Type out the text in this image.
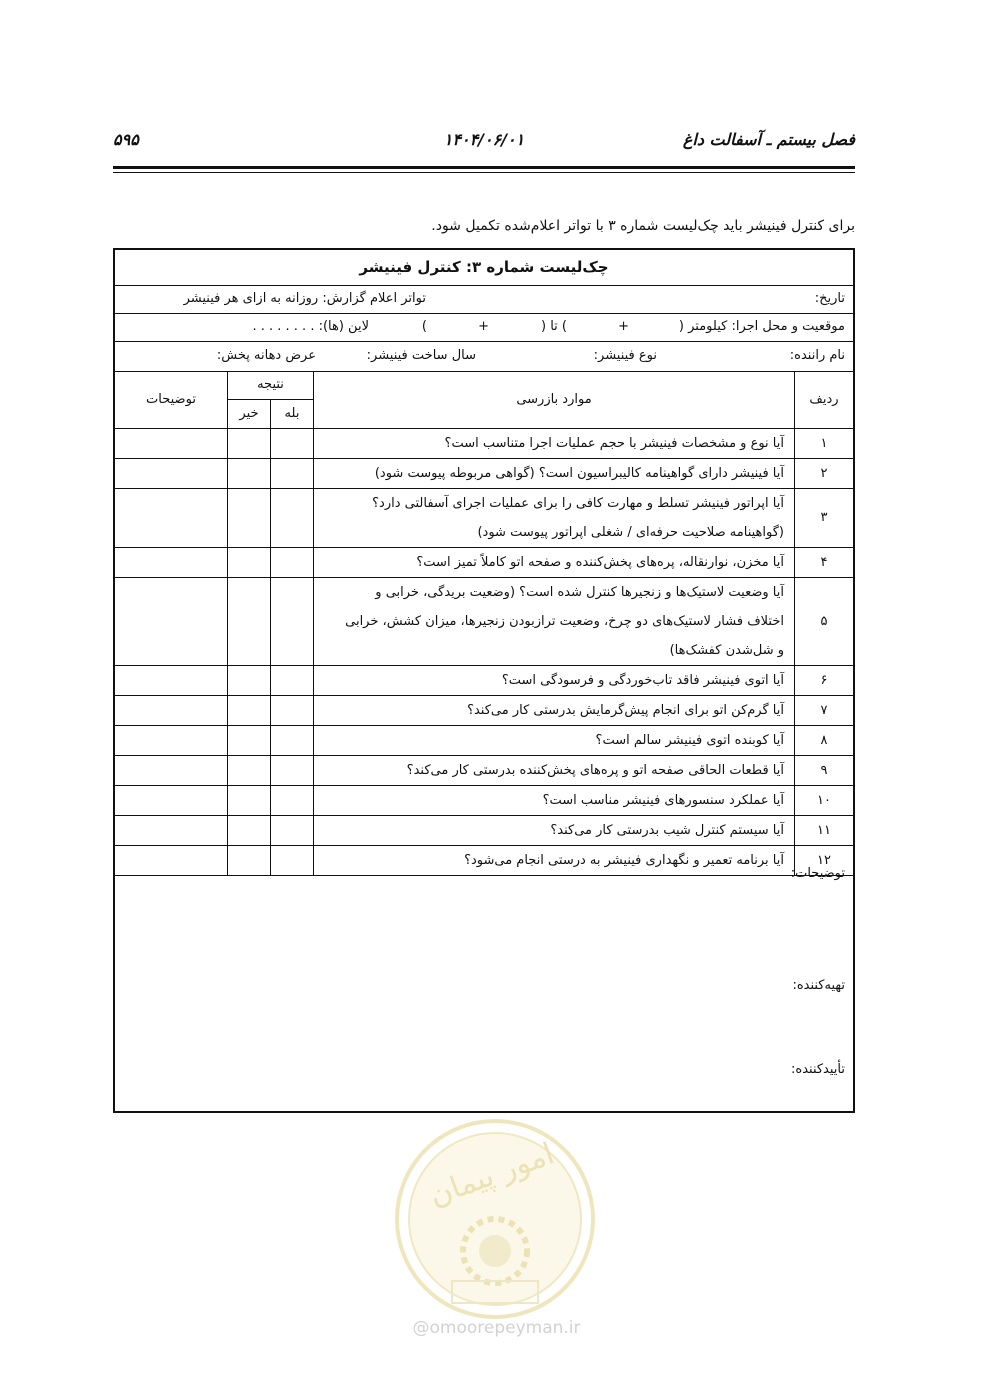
فصل بیستم ـ آسفالت داغ
۱۴۰۴/۰۶/۰۱
۵۹۵
برای کنترل فینیشر باید چک‌لیست شماره ۳ با تواتر اعلام‌شده تکمیل شود.
چک‌لیست شماره ۳: کنترل فینیشر
تاریخ:
تواتر اعلام گزارش: روزانه به ازای هر فینیشر
موقعیت و محل اجرا: کیلومتر (
+
) تا (
+
)
لاین (ها): . . . . . . . .
نام راننده:
نوع فینیشر:
سال ساخت فینیشر:
عرض دهانه پخش:
ردیف	موارد بازرسی	نتیجه		توضیحات
		بله	خیر	
۱	آیا نوع و مشخصات فینیشر با حجم عملیات اجرا متناسب است؟			

۲	آیا فینیشر دارای گواهینامه کالیبراسیون است؟ (گواهی مربوطه پیوست شود)			

۳	آیا اپراتور فینیشر تسلط و مهارت کافی را برای عملیات اجرای آسفالتی دارد؟
(گواهینامه صلاحیت حرفه‌ای / شغلی اپراتور پیوست شود)			

۴	آیا مخزن، نوارنقاله، پره‌های پخش‌کننده و صفحه اتو کاملاً تمیز است؟			

۵	آیا وضعیت لاستیک‌ها و زنجیرها کنترل شده است؟ (وضعیت بریدگی، خرابی و
اختلاف فشار لاستیک‌های دو چرخ، وضعیت ترازبودن زنجیرها، میزان کشش، خرابی
و شل‌شدن کفشک‌ها)			

۶	آیا اتوی فینیشر فاقد تاب‌خوردگی و فرسودگی است؟			

۷	آیا گرم‌کن اتو برای انجام پیش‌گرمایش بدرستی کار می‌کند؟			

۸	آیا کوبنده اتوی فینیشر سالم است؟			

۹	آیا قطعات الحاقی صفحه اتو و پره‌های پخش‌کننده بدرستی کار می‌کند؟			

۱۰	آیا عملکرد سنسورهای فینیشر مناسب است؟			

۱۱	آیا سیستم کنترل شیب بدرستی کار می‌کند؟			

۱۲	آیا برنامه تعمیر و نگهداری فینیشر به درستی انجام می‌شود؟			

توضیحات:
تهیه‌کننده:
تأییدکننده:
امور پیمان
@omoorepeyman.ir
